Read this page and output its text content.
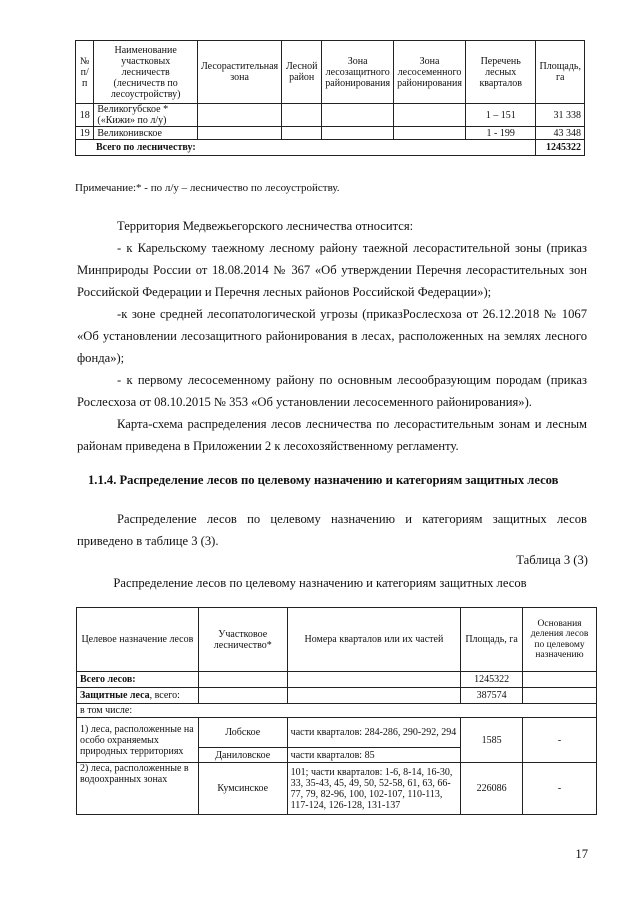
№ п/п	Наименование участковых лесничеств (лесничеств по лесоустройству)	Лесорастительная зона	Лесной район	Зона лесозащитного районирования	Зона лесосеменного районирования	Перечень лесных кварталов	Площадь, га
18	Великогубское * («Кижи» по л/у)					1 – 151	31 338
19	Великонивское					1 - 199	43 348
Всего по лесничеству:							1245322
Примечание:* - по л/у – лесничество по лесоустройству.
Территория Медвежьегорского лесничества относится:
- к Карельскому таежному лесному району таежной лесорастительной зоны (приказ Минприроды России от 18.08.2014 № 367 «Об утверждении Перечня лесорастительных зон Российской Федерации и Перечня лесных районов Российской Федерации»);
-к зоне средней лесопатологической угрозы (приказРослесхоза от 26.12.2018 № 1067 «Об установлении лесозащитного районирования в лесах, расположенных на землях лесного фонда»);
- к первому лесосеменному району по основным лесообразующим породам (приказ Рослесхоза от 08.10.2015 № 353 «Об установлении лесосеменного районирования»).
Карта-схема распределения лесов лесничества по лесорастительным зонам и лесным районам приведена в Приложении 2 к лесохозяйственному регламенту.
1.1.4. Распределение лесов по целевому назначению и категориям защитных лесов
Распределение лесов по целевому назначению и категориям защитных лесов приведено в таблице 3 (3).
Таблица 3 (3)
Распределение лесов по целевому назначению и категориям защитных лесов
Целевое назначение лесов	Участковое лесничество*	Номера кварталов или их частей	Площадь, га	Основания деления лесов по целевому назначению
Всего лесов:			1245322	
Защитные леса, всего:			387574	
в том числе:				
1) леса, расположенные на особо охраняемых природных территориях	Лобское	части кварталов: 284-286, 290-292, 294	1585	-
	Даниловское	части кварталов: 85		
2) леса, расположенные в водоохранных зонах	Кумсинское	101; части кварталов: 1-6, 8-14, 16-30, 33, 35-43, 45, 49, 50, 52-58, 61, 63, 66-77, 79, 82-96, 100, 102-107, 110-113, 117-124, 126-128, 131-137	226086	-
17
